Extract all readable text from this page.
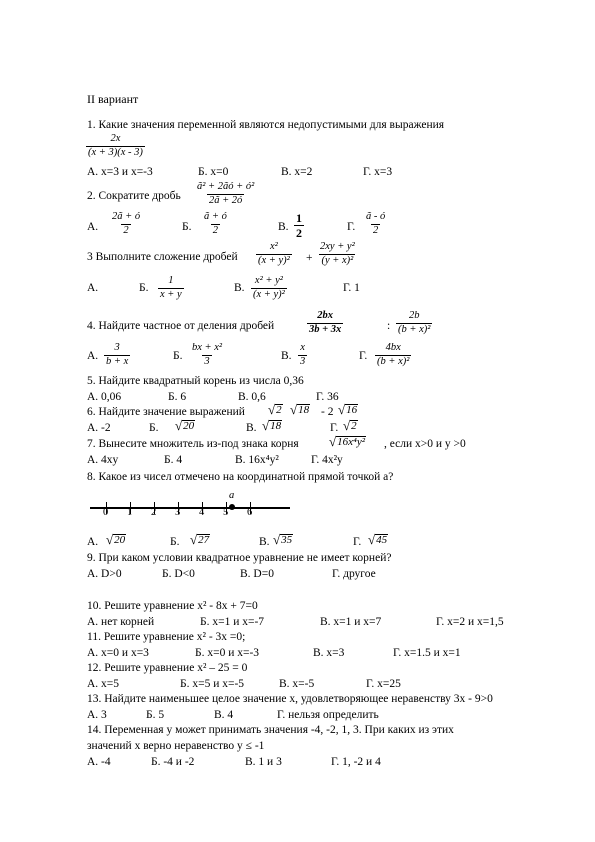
II вариант
1. Какие значения переменной являются недопустимыми для выражения
$\frac{2x}{(x + 3)(x - 3)}$
А. x=3 и x=-3	Б. x=0	В. x=2	Г. x=3
2. Сократите дробь $\frac{\text{ã² + 2ãó + ó²}}{2ã + 2ó}$
А. $\frac{2ã + ó}{2}$	Б. $\frac{ã + ó}{2}$	В. $\frac{1}{2}$	Г. $\frac{ã - ó}{2}$
3 Выполните сложение дробей $\frac{\text{x²}}{\text{(x + y)²}} + \frac{\text{2xy + y²}}{\text{(y + x)²}}$
А.	Б. $\frac{1}{x + y}$	В. $\frac{\text{x² + y²}}{\text{(x + y)²}}$	Г. 1
4. Найдите частное от деления дробей	$\frac{2bx}{3b + 3x}$	: $\frac{2b}{\text{(b + x)²}}$
А. $\frac{3}{b + x}$	Б. $\frac{\text{bx + x²}}{3}$	В. $\frac{x}{3}$	Г. $\frac{4bx}{\text{(b + x)²}}$
5. Найдите квадратный корень из числа 0,36
А. 0,06	Б. 6	В. 0,6	Г. 36
6. Найдите значение выражений √ 2 √ 18 - 2 √ 16
А. -2	Б. √ 20	В. √ 18	Г. √ 2
7. Вынесите множитель из-под знака корня √ 16x⁴y² , если x>0 и y >0
А. 4xy	Б. 4	В. 16x⁴y²	Г. 4x²y
8. Какое из чисел отмечено на координатной прямой точкой а?
0 1 2 3 4 5 6
a
А. √ 20	Б. √ 27	В. √ 35	Г. √ 45
9. При каком условии квадратное уравнение не имеет корней?
А. D>0	Б. D<0	В. D=0	Г. другое
10. Решите уравнение x² - 8x + 7=0
А. нет корней	Б. x=1 и x=-7	В. x=1 и x=7	Г. x=2 и x=1,5
11. Решите уравнение x² - 3x =0;
А. x=0 и x=3	Б. x=0 и x=-3	В. x=3	Г. x=1.5 и x=1
12. Решите уравнение x² – 25 = 0
А. x=5	Б. x=5 и x=-5	В. x=-5	Г. x=25
13. Найдите наименьшее целое значение x, удовлетворяющее неравенству 3x - 9>0
А. 3	Б. 5	В. 4	Г. нельзя определить
14. Переменная y может принимать значения -4, -2, 1, 3. При каких из этих
значений x верно неравенство y ≤ -1
А. -4	Б. -4 и -2	В. 1 и 3	Г. 1, -2 и 4
